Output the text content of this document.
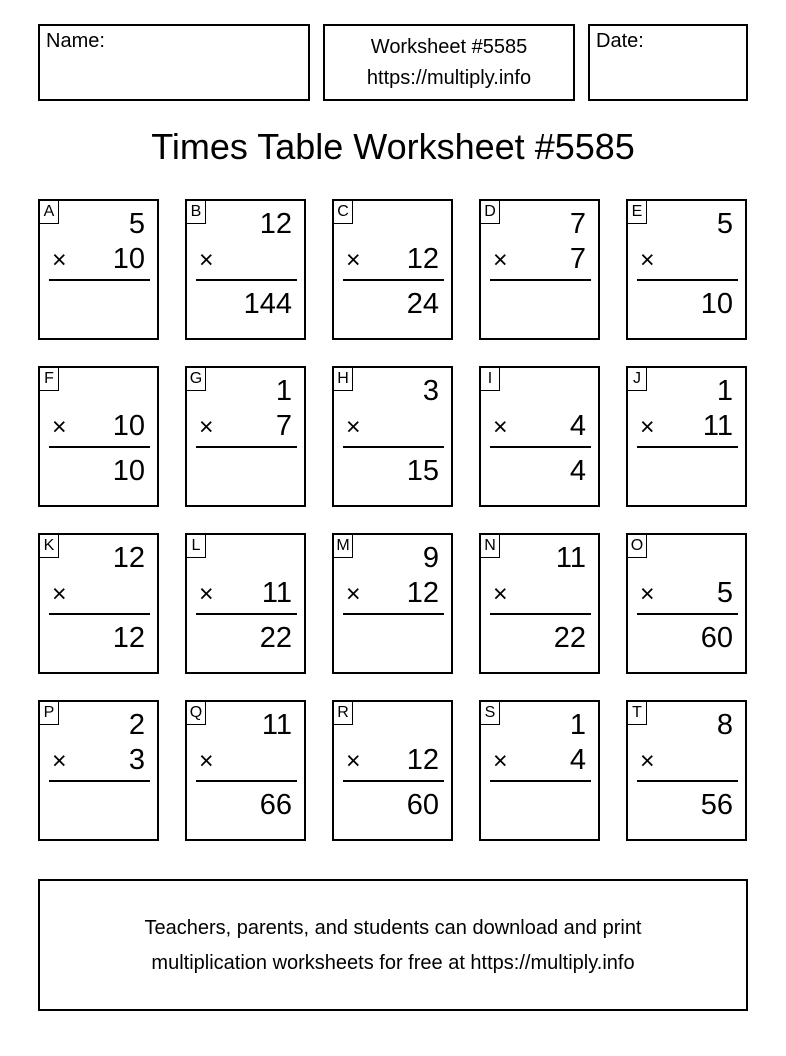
Name:	Worksheet #5585
https://multiply.info
Date:
Times Table Worksheet #5585
A	5
× 10
B 12
×
144
C
× 12
24
D	7
× 7
E	5
×
10
F
× 10
10
G	1
× 7
H	3
×
15
I
× 4
4
J	1
× 11
K 12
×
12
L
× 11
22
M	9
× 12
N 11
×
22
O
× 5
60
P	2
× 3
Q 11
×
66
R
× 12
60
S	1
× 4
T	8
×
56
Teachers, parents, and students can download and print
multiplication worksheets for free at https://multiply.info
